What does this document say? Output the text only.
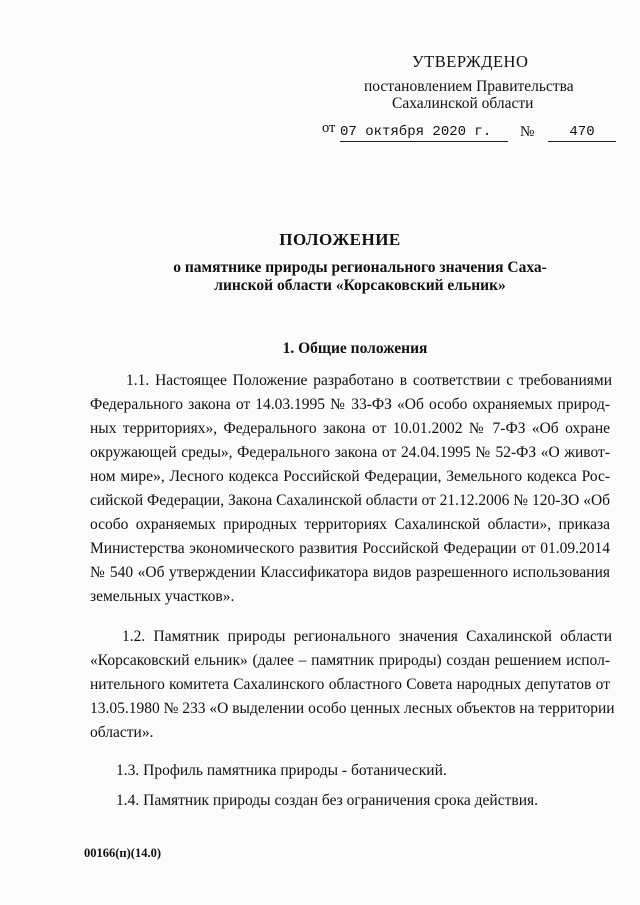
УТВЕРЖДЕНО
постановлением Правительства
Сахалинской области
от 07 октября 2020 г.	№	470
ПОЛОЖЕНИЕ
о памятнике природы регионального значения Саха-
линской области «Корсаковский ельник»
1. Общие положения
1.1. Настоящее Положение разработано в соответствии с требованиями
Федерального закона от 14.03.1995 № 33-ФЗ «Об особо охраняемых природ-
ных территориях», Федерального закона от 10.01.2002 № 7-ФЗ «Об охране
окружающей среды», Федерального закона от 24.04.1995 № 52-ФЗ «О живот-
ном мире», Лесного кодекса Российской Федерации, Земельного кодекса Рос-
сийской Федерации, Закона Сахалинской области от 21.12.2006 № 120-ЗО «Об
особо охраняемых природных территориях Сахалинской области», приказа
Министерства экономического развития Российской Федерации от 01.09.2014
№ 540 «Об утверждении Классификатора видов разрешенного использования
земельных участков».
1.2. Памятник природы регионального значения Сахалинской области
«Корсаковский ельник» (далее – памятник природы) создан решением испол-
нительного комитета Сахалинского областного Совета народных депутатов от
13.05.1980 № 233 «О выделении особо ценных лесных объектов на территории
области».
1.3. Профиль памятника природы - ботанический.
1.4. Памятник природы создан без ограничения срока действия.
00166(п)(14.0)
